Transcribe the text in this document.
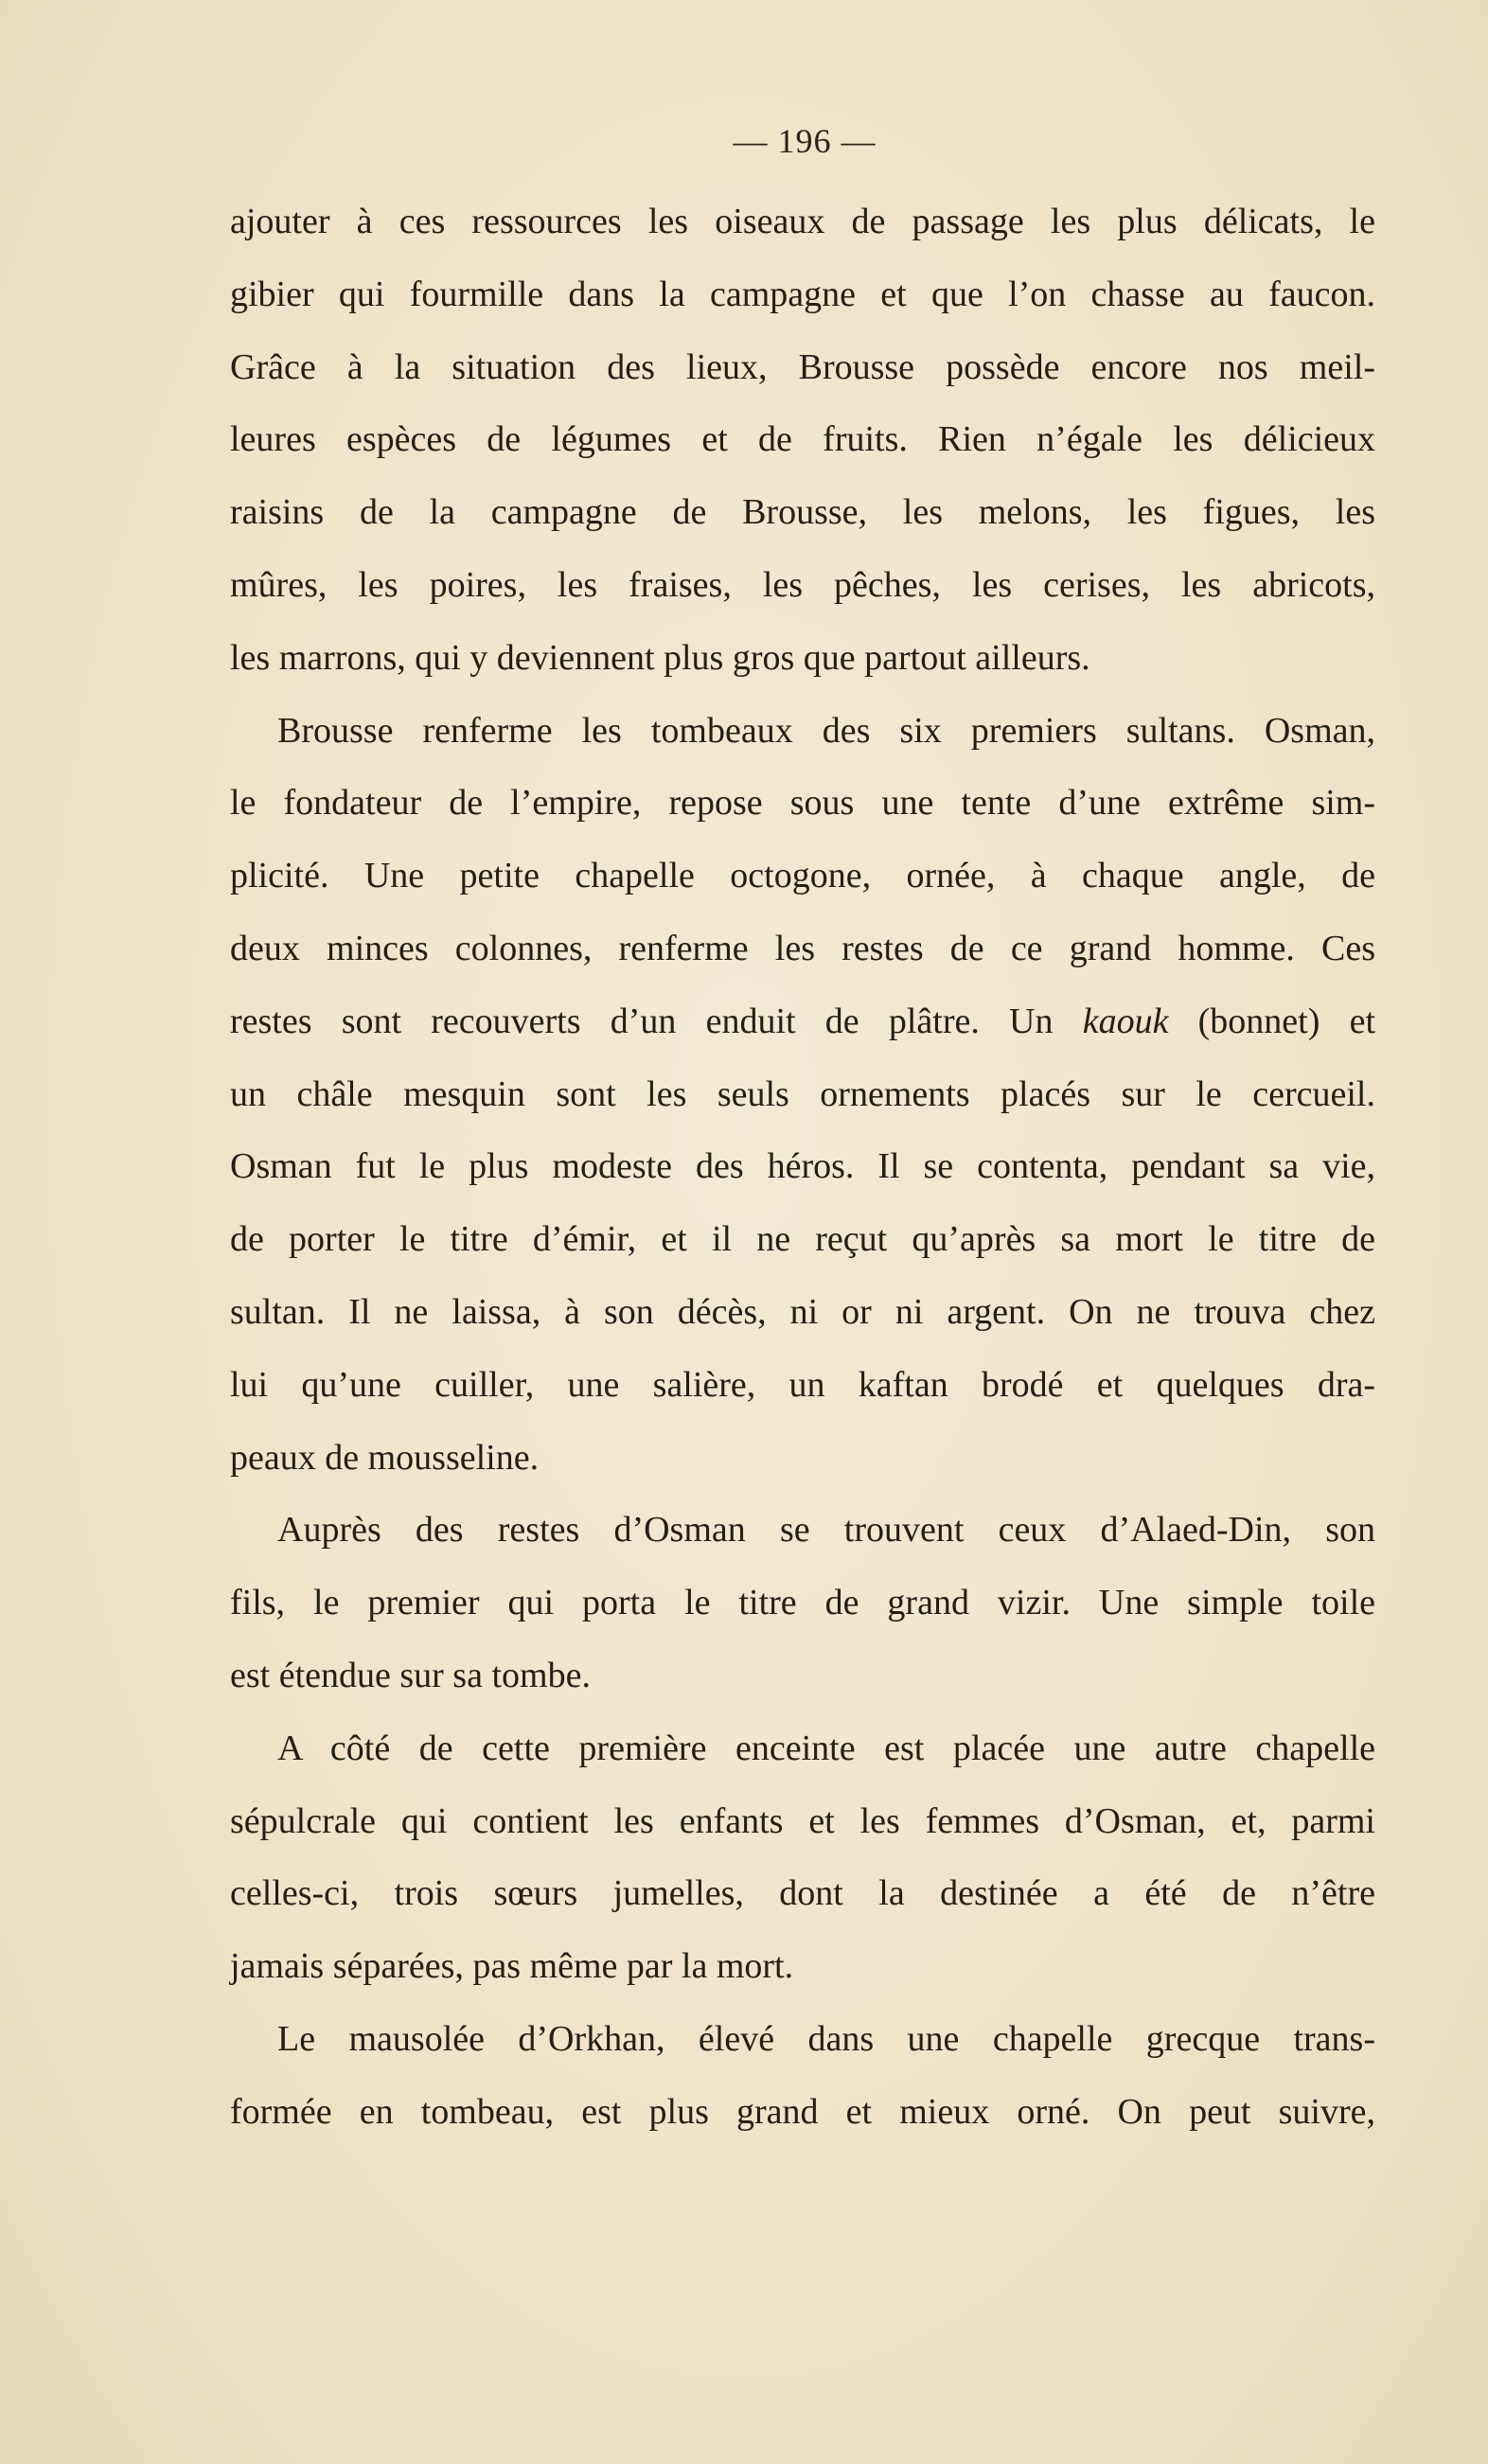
— 196 —
ajouter à ces ressources les oiseaux de passage les plus délicats, le
gibier qui fourmille dans la campagne et que l’on chasse au faucon.
Grâce à la situation des lieux, Brousse possède encore nos meil-
leures espèces de légumes et de fruits. Rien n’égale les délicieux
raisins de la campagne de Brousse, les melons, les figues, les
mûres, les poires, les fraises, les pêches, les cerises, les abricots,
les marrons, qui y deviennent plus gros que partout ailleurs.
Brousse renferme les tombeaux des six premiers sultans. Osman,
le fondateur de l’empire, repose sous une tente d’une extrême sim-
plicité. Une petite chapelle octogone, ornée, à chaque angle, de
deux minces colonnes, renferme les restes de ce grand homme. Ces
restes sont recouverts d’un enduit de plâtre. Un kaouk (bonnet) et
un châle mesquin sont les seuls ornements placés sur le cercueil.
Osman fut le plus modeste des héros. Il se contenta, pendant sa vie,
de porter le titre d’émir, et il ne reçut qu’après sa mort le titre de
sultan. Il ne laissa, à son décès, ni or ni argent. On ne trouva chez
lui qu’une cuiller, une salière, un kaftan brodé et quelques dra-
peaux de mousseline.
Auprès des restes d’Osman se trouvent ceux d’Alaed-Din, son
fils, le premier qui porta le titre de grand vizir. Une simple toile
est étendue sur sa tombe.
A côté de cette première enceinte est placée une autre chapelle
sépulcrale qui contient les enfants et les femmes d’Osman, et, parmi
celles-ci, trois sœurs jumelles, dont la destinée a été de n’être
jamais séparées, pas même par la mort.
Le mausolée d’Orkhan, élevé dans une chapelle grecque trans-
formée en tombeau, est plus grand et mieux orné. On peut suivre,
